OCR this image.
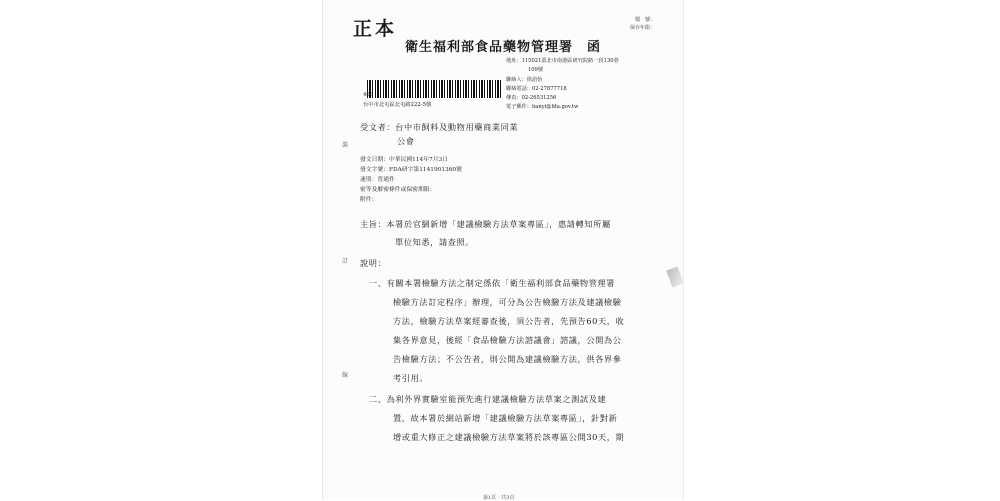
正本	檔　號：
保存年限：
衛生福利部食品藥物管理署　函
地址：115021臺北市南港區研究院路一段130巷
109號
聯絡人：徐語怡
聯絡電話：02-27877718
傳真：02-26531256
電子郵件：hanyi@fda.gov.tw
406
台中市北屯區北屯路222-5號
受文者：台中市飼料及動物用藥商業同業
公會
發文日期：中華民國114年7月3日
發文字號：FDA研字第1141901360號
速別：普通件
密等及解密條件或保密期限：
附件：
主旨：本署於官網新增「建議檢驗方法草案專區」，惠請轉知所屬
單位知悉，請查照。
說明：
一、有關本署檢驗方法之制定係依「衛生福利部食品藥物管理署
檢驗方法訂定程序」辦理，可分為公告檢驗方法及建議檢驗
方法，檢驗方法草案經審查後，須公告者，先預告60天，收
集各界意見，後經「食品檢驗方法諮議會」諮議，公開為公
告檢驗方法；不公告者，則公開為建議檢驗方法，供各界參
考引用。
二、為利外界實驗室能預先進行建議檢驗方法草案之測試及建
置，故本署於網站新增「建議檢驗方法草案專區」，針對新
增或重大修正之建議檢驗方法草案將於該專區公開30天，期
裝
訂
線
第1頁　共3頁
